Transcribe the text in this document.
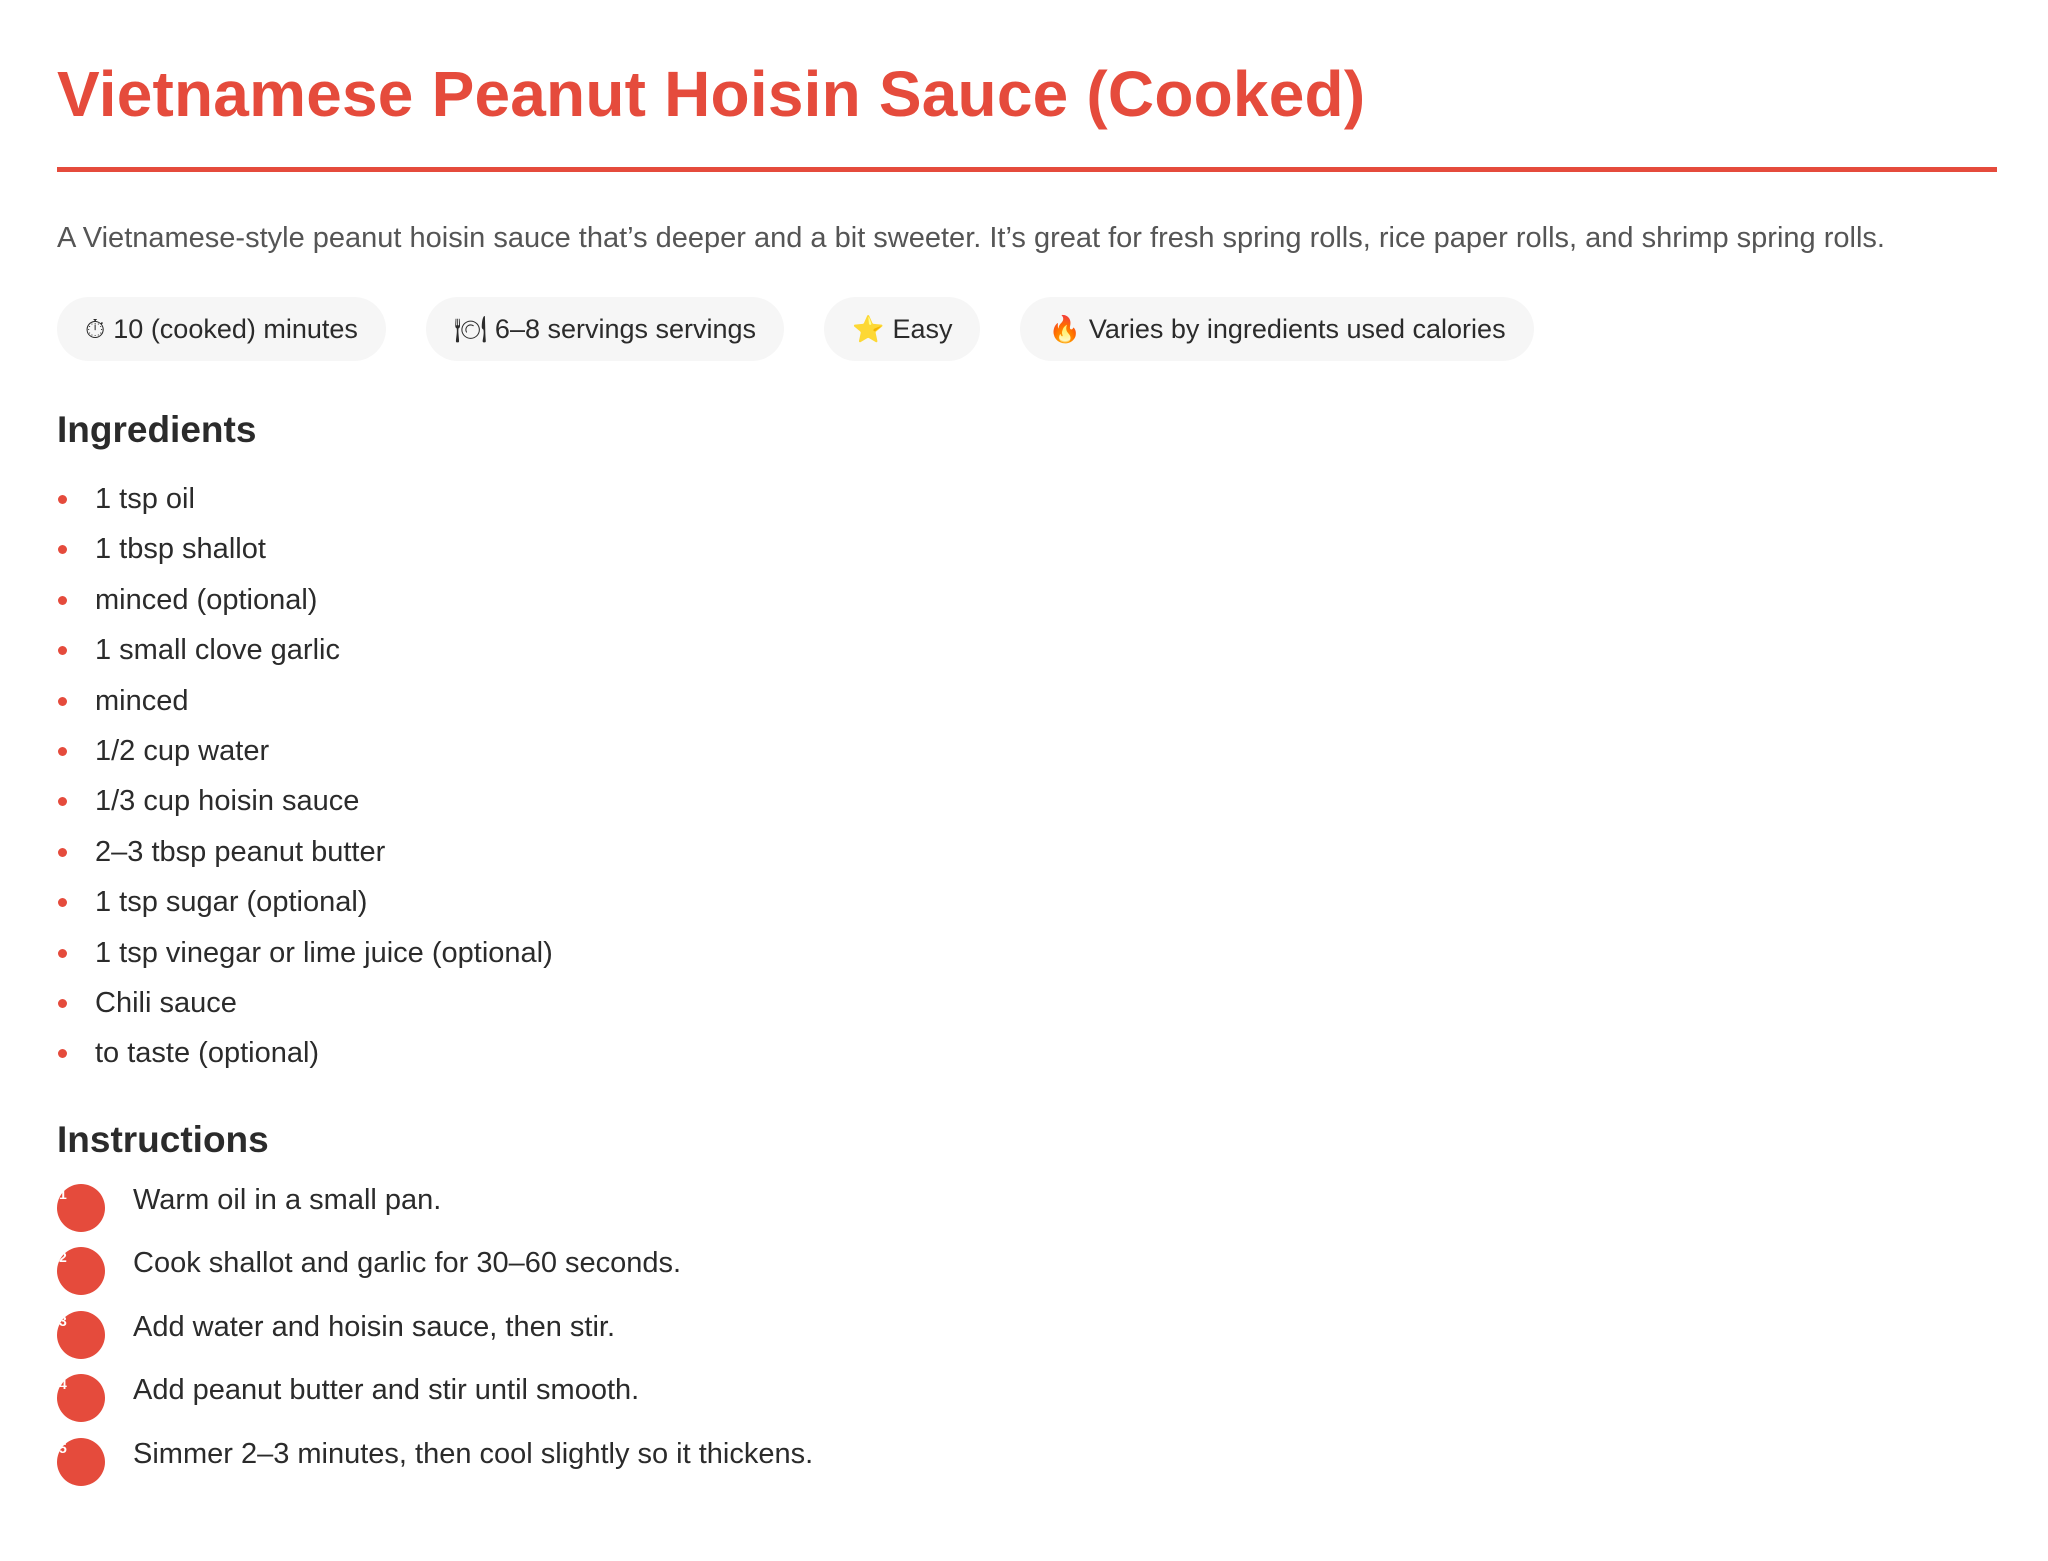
Vietnamese Peanut Hoisin Sauce (Cooked)

A Vietnamese-style peanut hoisin sauce that’s deeper and a bit sweeter. It’s great for fresh spring rolls, rice paper rolls, and shrimp spring rolls.

⏱ 10 (cooked) minutes	🍽 6–8 servings servings	⭐ Easy	🔥 Varies by ingredients used calories
Ingredients
1 tsp oil
1 tbsp shallot
minced (optional)
1 small clove garlic
minced
1/2 cup water
1/3 cup hoisin sauce
2–3 tbsp peanut butter
1 tsp sugar (optional)
1 tsp vinegar or lime juice (optional)
Chili sauce
to taste (optional)
Instructions
1 Warm oil in a small pan.
2 Cook shallot and garlic for 30–60 seconds.
3 Add water and hoisin sauce, then stir.
4 Add peanut butter and stir until smooth.
5 Simmer 2–3 minutes, then cool slightly so it thickens.
